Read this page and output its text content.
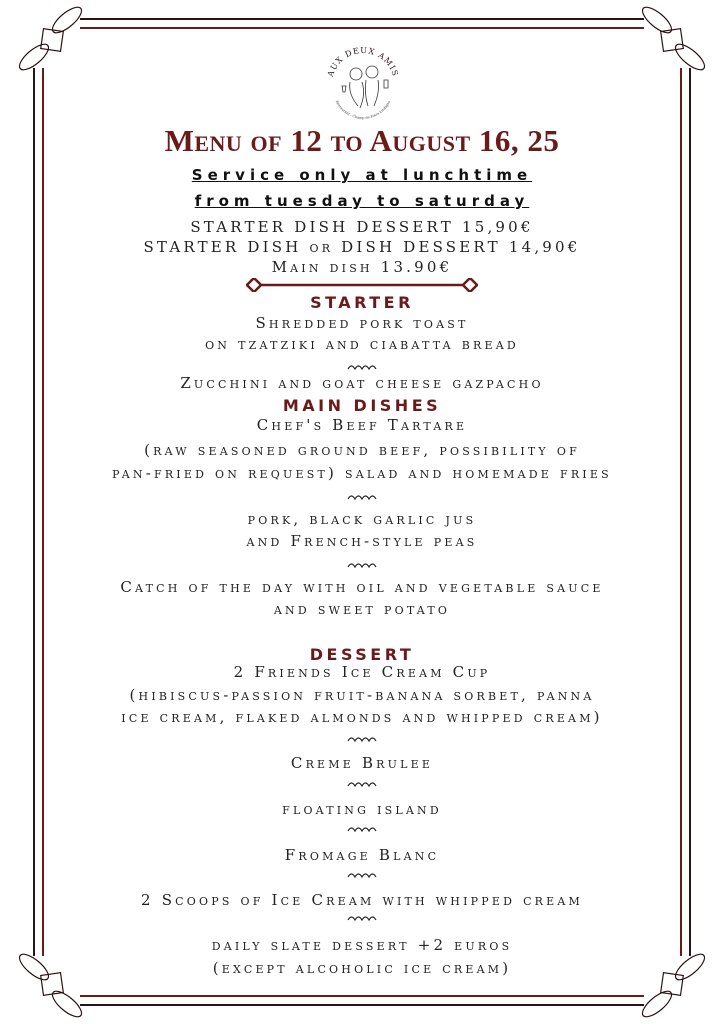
AUX DEUX AMIS
Restaurant - Champ de Foire Lindigan
Menu of 12 to August 16, 25
Service only at lunchtime
from tuesday to saturday
STARTER DISH DESSERT 15,90€
STARTER DISH or DISH DESSERT 14,90€
Main dish 13.90€
STARTER
Shredded pork toast
on tzatziki and ciabatta bread
Zucchini and goat cheese gazpacho
MAIN DISHES
Chef's Beef Tartare
(raw seasoned ground beef, possibility of
pan-fried on request) salad and homemade fries
pork, black garlic jus
and French-style peas
Catch of the day with oil and vegetable sauce
and sweet potato
DESSERT
2 Friends Ice Cream Cup
(hibiscus-passion fruit-banana sorbet, panna
ice cream, flaked almonds and whipped cream)
Creme Brulee
floating island
Fromage Blanc
2 Scoops of Ice Cream with whipped cream
daily slate dessert +2 euros
(except alcoholic ice cream)
